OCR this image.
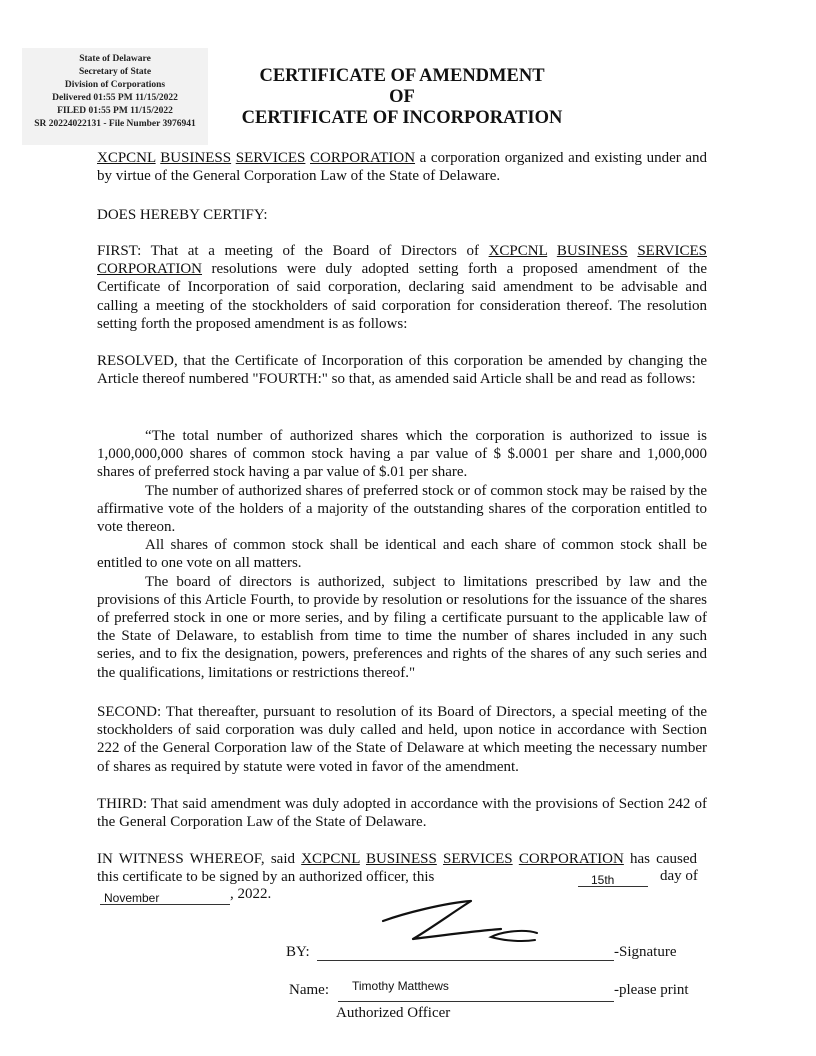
State of Delaware
Secretary of State
Division of Corporations
Delivered 01:55 PM 11/15/2022
FILED 01:55 PM 11/15/2022
SR 20224022131 - File Number 3976941
CERTIFICATE OF AMENDMENT
OF
CERTIFICATE OF INCORPORATION

XCPCNL BUSINESS SERVICES CORPORATION a corporation organized and existing under and by virtue of the General Corporation Law of the State of Delaware.

DOES HEREBY CERTIFY:

FIRST: That at a meeting of the Board of Directors of XCPCNL BUSINESS SERVICES CORPORATION resolutions were duly adopted setting forth a proposed amendment of the Certificate of Incorporation of said corporation, declaring said amendment to be advisable and calling a meeting of the stockholders of said corporation for consideration thereof. The resolution setting forth the proposed amendment is as follows:

RESOLVED, that the Certificate of Incorporation of this corporation be amended by changing the Article thereof numbered "FOURTH:" so that, as amended said Article shall be and read as follows:

“The total number of authorized shares which the corporation is authorized to issue is 1,000,000,000 shares of common stock having a par value of $ $.0001 per share and 1,000,000 shares of preferred stock having a par value of $.01 per share.

The number of authorized shares of preferred stock or of common stock may be raised by the affirmative vote of the holders of a majority of the outstanding shares of the corporation entitled to vote thereon.

All shares of common stock shall be identical and each share of common stock shall be entitled to one vote on all matters.

The board of directors is authorized, subject to limitations prescribed by law and the provisions of this Article Fourth, to provide by resolution or resolutions for the issuance of the shares of preferred stock in one or more series, and by filing a certificate pursuant to the applicable law of the State of Delaware, to establish from time to time the number of shares included in any such series, and to fix the designation, powers, preferences and rights of the shares of any such series and the qualifications, limitations or restrictions thereof."

SECOND: That thereafter, pursuant to resolution of its Board of Directors, a special meeting of the stockholders of said corporation was duly called and held, upon notice in accordance with Section 222 of the General Corporation law of the State of Delaware at which meeting the necessary number of shares as required by statute were voted in favor of the amendment.

THIRD: That said amendment was duly adopted in accordance with the provisions of Section 242 of the General Corporation Law of the State of Delaware.

IN WITNESS WHEREOF, said XCPCNL BUSINESS SERVICES CORPORATION has caused this certificate to be signed by an authorized officer, this	15th	day of
November	, 2022.
BY:	-Signature
Name: Timothy Matthews	-please print
Authorized Officer
